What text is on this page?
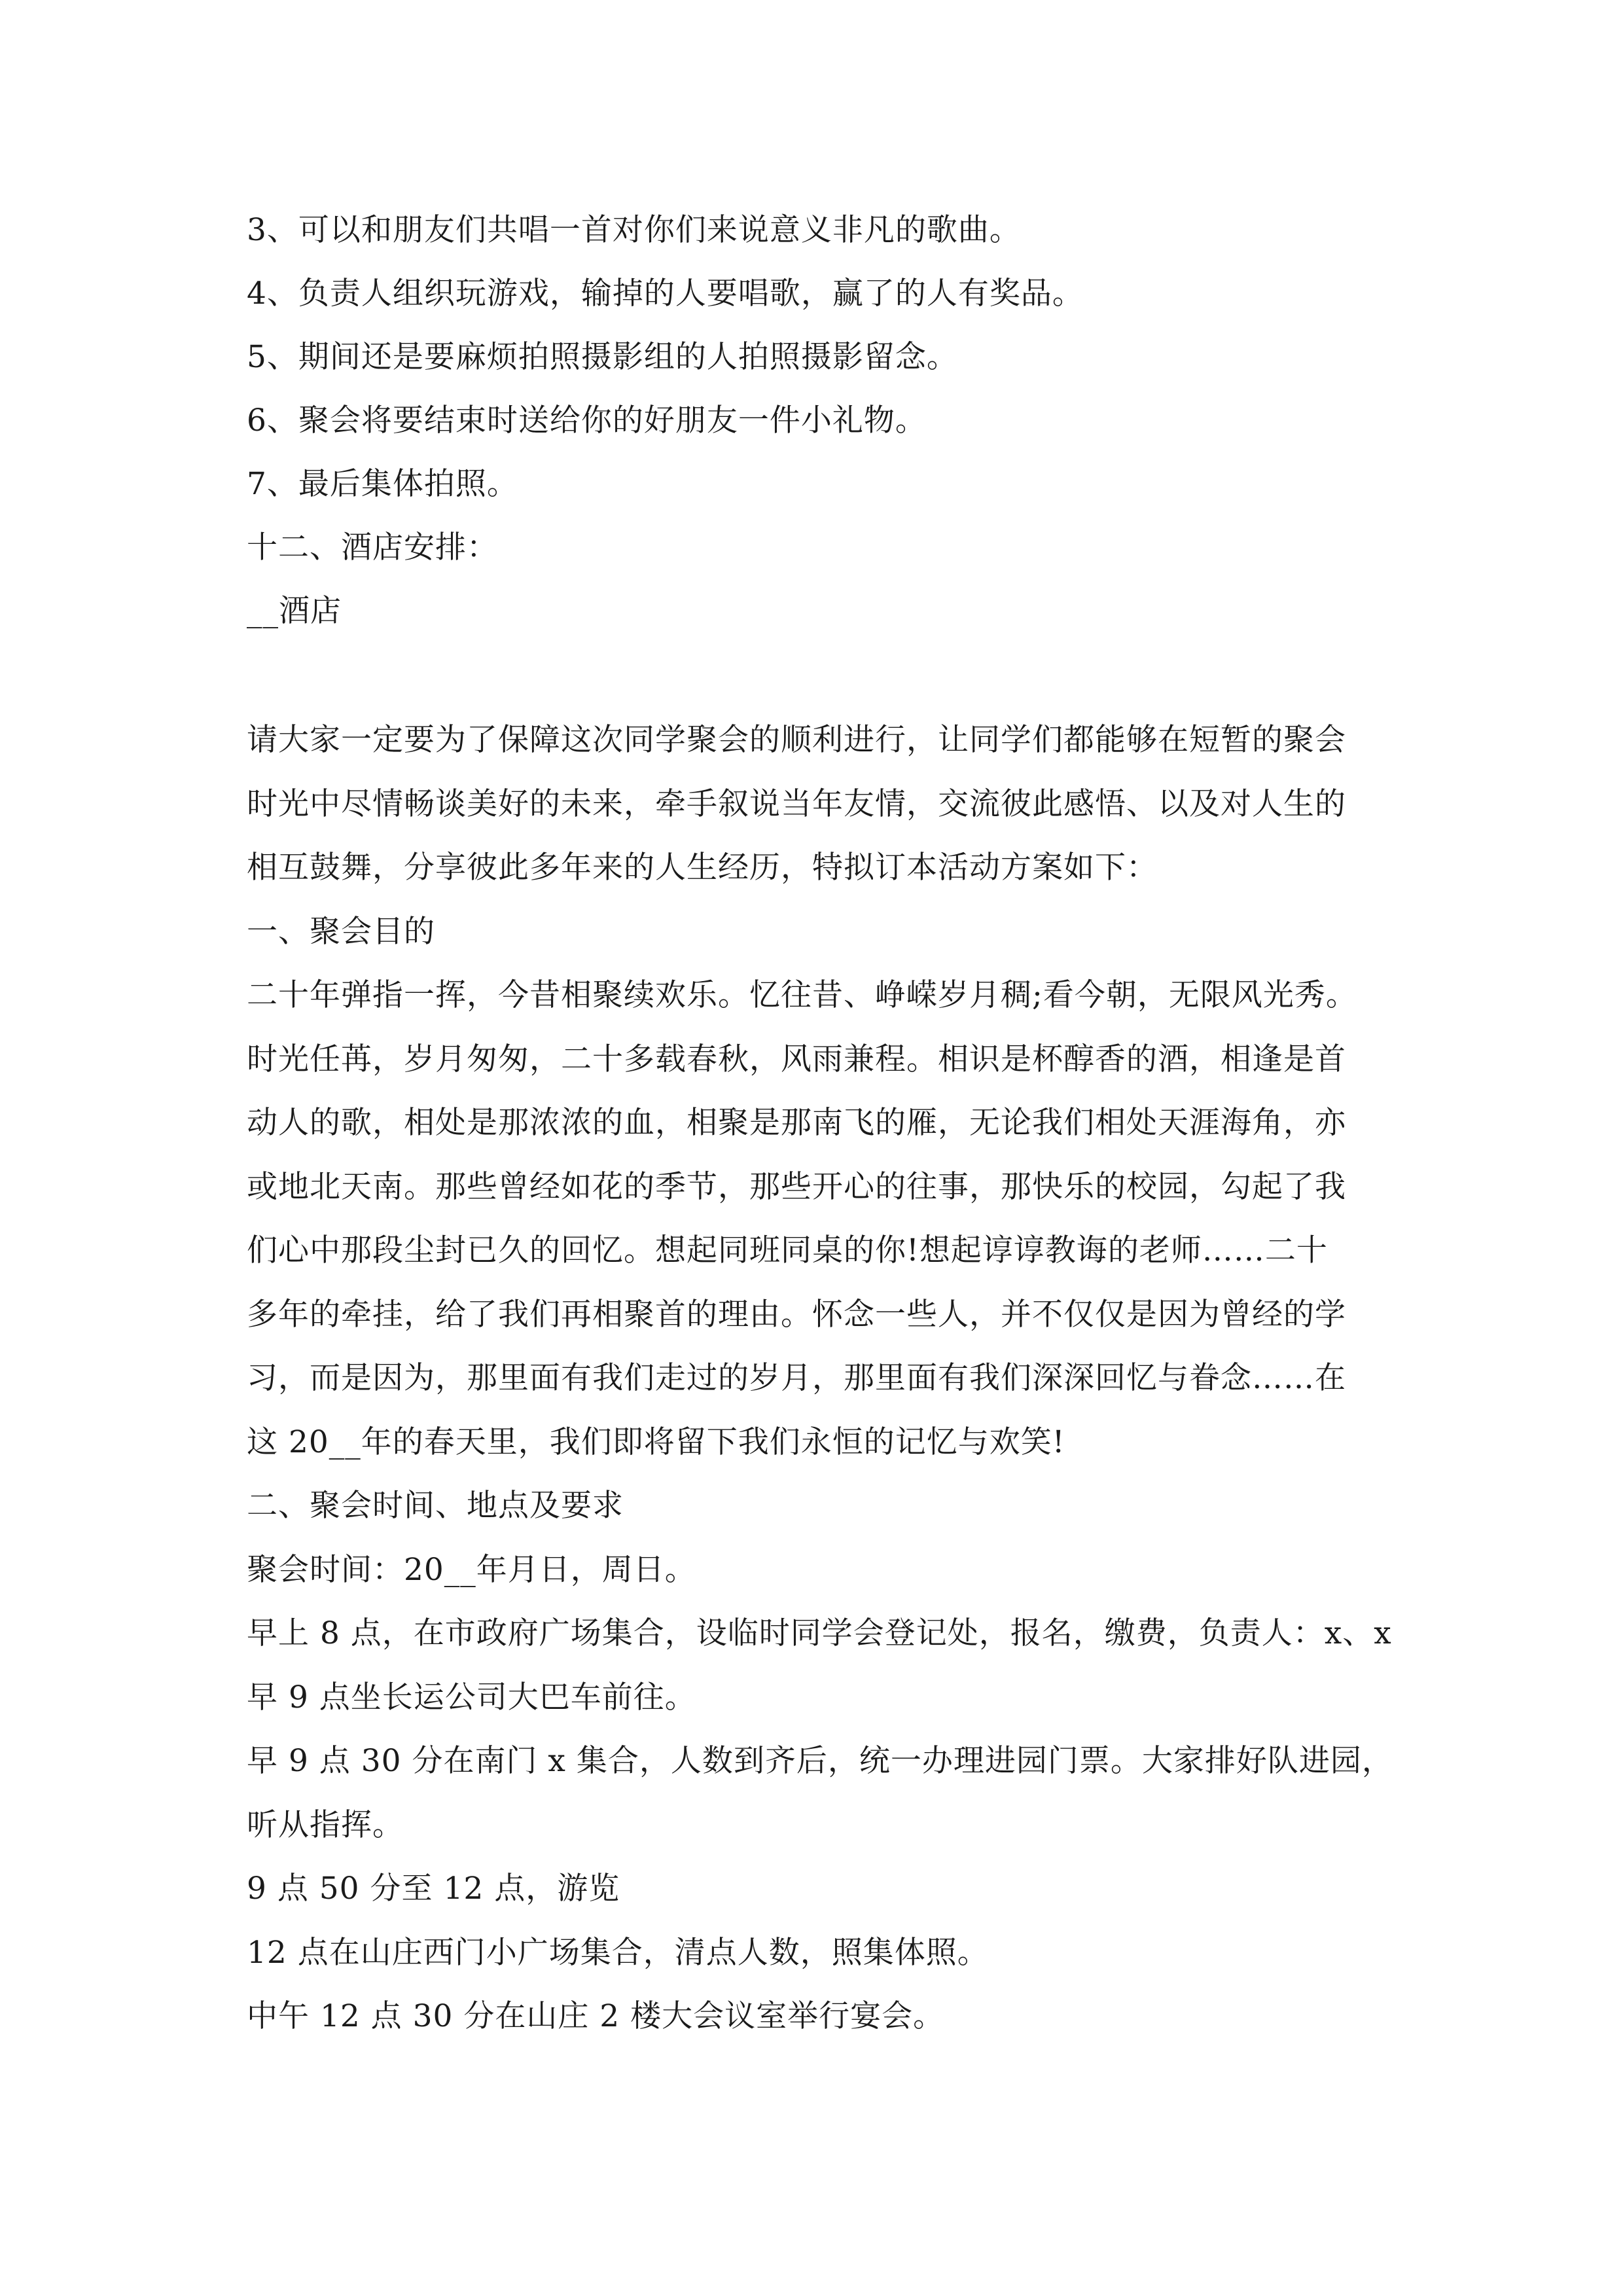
3、可以和朋友们共唱一首对你们来说意义非凡的歌曲。
4、负责人组织玩游戏，输掉的人要唱歌，赢了的人有奖品。
5、期间还是要麻烦拍照摄影组的人拍照摄影留念。
6、聚会将要结束时送给你的好朋友一件小礼物。
7、最后集体拍照。
十二、酒店安排：
__酒店
请大家一定要为了保障这次同学聚会的顺利进行，让同学们都能够在短暂的聚会
时光中尽情畅谈美好的未来，牵手叙说当年友情，交流彼此感悟、以及对人生的
相互鼓舞，分享彼此多年来的人生经历，特拟订本活动方案如下：
一、聚会目的
二十年弹指一挥，今昔相聚续欢乐。忆往昔、峥嵘岁月稠;看今朝，无限风光秀。
时光任苒，岁月匆匆，二十多载春秋，风雨兼程。相识是杯醇香的酒，相逢是首
动人的歌，相处是那浓浓的血，相聚是那南飞的雁，无论我们相处天涯海角，亦
或地北天南。那些曾经如花的季节，那些开心的往事，那快乐的校园，勾起了我
们心中那段尘封已久的回忆。想起同班同桌的你!想起谆谆教诲的老师……二十
多年的牵挂，给了我们再相聚首的理由。怀念一些人，并不仅仅是因为曾经的学
习，而是因为，那里面有我们走过的岁月，那里面有我们深深回忆与眷念……在
这 20__年的春天里，我们即将留下我们永恒的记忆与欢笑!
二、聚会时间、地点及要求
聚会时间：20__年月日，周日。
早上 8 点，在市政府广场集合，设临时同学会登记处，报名，缴费，负责人：x、x
早 9 点坐长运公司大巴车前往。
早 9 点 30 分在南门 x 集合，人数到齐后，统一办理进园门票。大家排好队进园，
听从指挥。
9 点 50 分至 12 点，游览
12 点在山庄西门小广场集合，清点人数，照集体照。
中午 12 点 30 分在山庄 2 楼大会议室举行宴会。
